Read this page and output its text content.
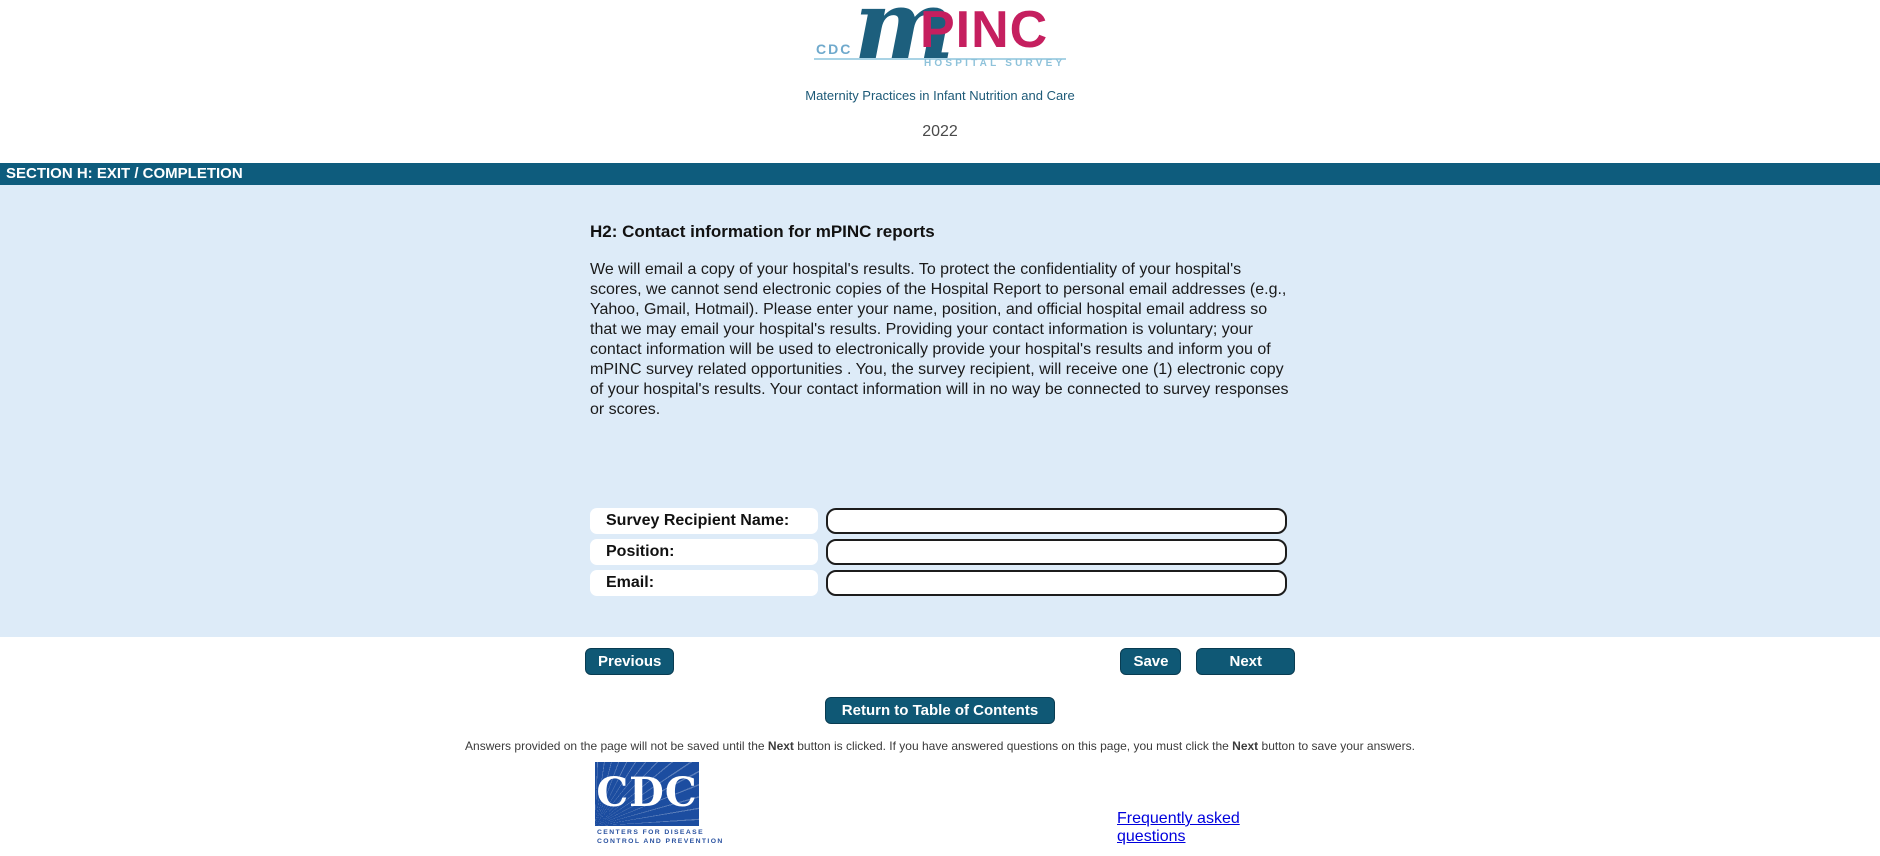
CDC m
PINC
HOSPITAL SURVEY
Maternity Practices in Infant Nutrition and Care
2022
SECTION H: EXIT / COMPLETION
H2: Contact information for mPINC reports

We will email a copy of your hospital's results. To protect the confidentiality of your hospital's scores, we cannot send electronic copies of the Hospital Report to personal email addresses (e.g., Yahoo, Gmail, Hotmail). Please enter your name, position, and official hospital email address so that we may email your hospital's results. Providing your contact information is voluntary; your contact information will be used to electronically provide your hospital's results and inform you of mPINC survey related opportunities . You, the survey recipient, will receive one (1) electronic copy of your hospital's results. Your contact information will in no way be connected to survey responses or scores.

Survey Recipient Name:
Position:
Email:
Previous	Save	Next
Return to Table of Contents

Answers provided on the page will not be saved until the Next button is clicked. If you have answered questions on this page, you must click the Next button to save your answers.

CDC
CENTERS FOR DISEASE
CONTROL AND PREVENTION
Frequently asked questions
